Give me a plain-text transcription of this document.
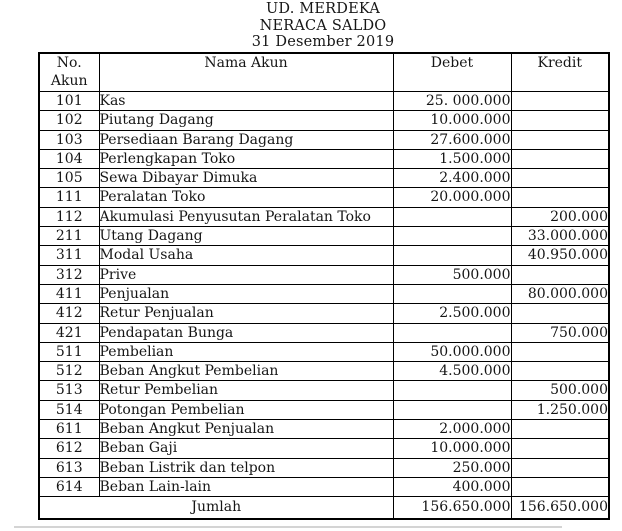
UD. MERDEKA
NERACA SALDO
31 Desember 2019
No.
Akun	Nama Akun	Debet	Kredit
101	Kas	25. 000.000	
102	Piutang Dagang	10.000.000	
103	Persediaan Barang Dagang	27.600.000	
104	Perlengkapan Toko	1.500.000	
105	Sewa Dibayar Dimuka	2.400.000	
111	Peralatan Toko	20.000.000	
112	Akumulasi Penyusutan Peralatan Toko		200.000
211	Utang Dagang		33.000.000
311	Modal Usaha		40.950.000
312	Prive	500.000	
411	Penjualan		80.000.000
412	Retur Penjualan	2.500.000	
421	Pendapatan Bunga		750.000
511	Pembelian	50.000.000	
512	Beban Angkut Pembelian	4.500.000	
513	Retur Pembelian		500.000
514	Potongan Pembelian		1.250.000
611	Beban Angkut Penjualan	2.000.000	
612	Beban Gaji	10.000.000	
613	Beban Listrik dan telpon	250.000	
614	Beban Lain-lain	400.000	
Jumlah		156.650.000	156.650.000
